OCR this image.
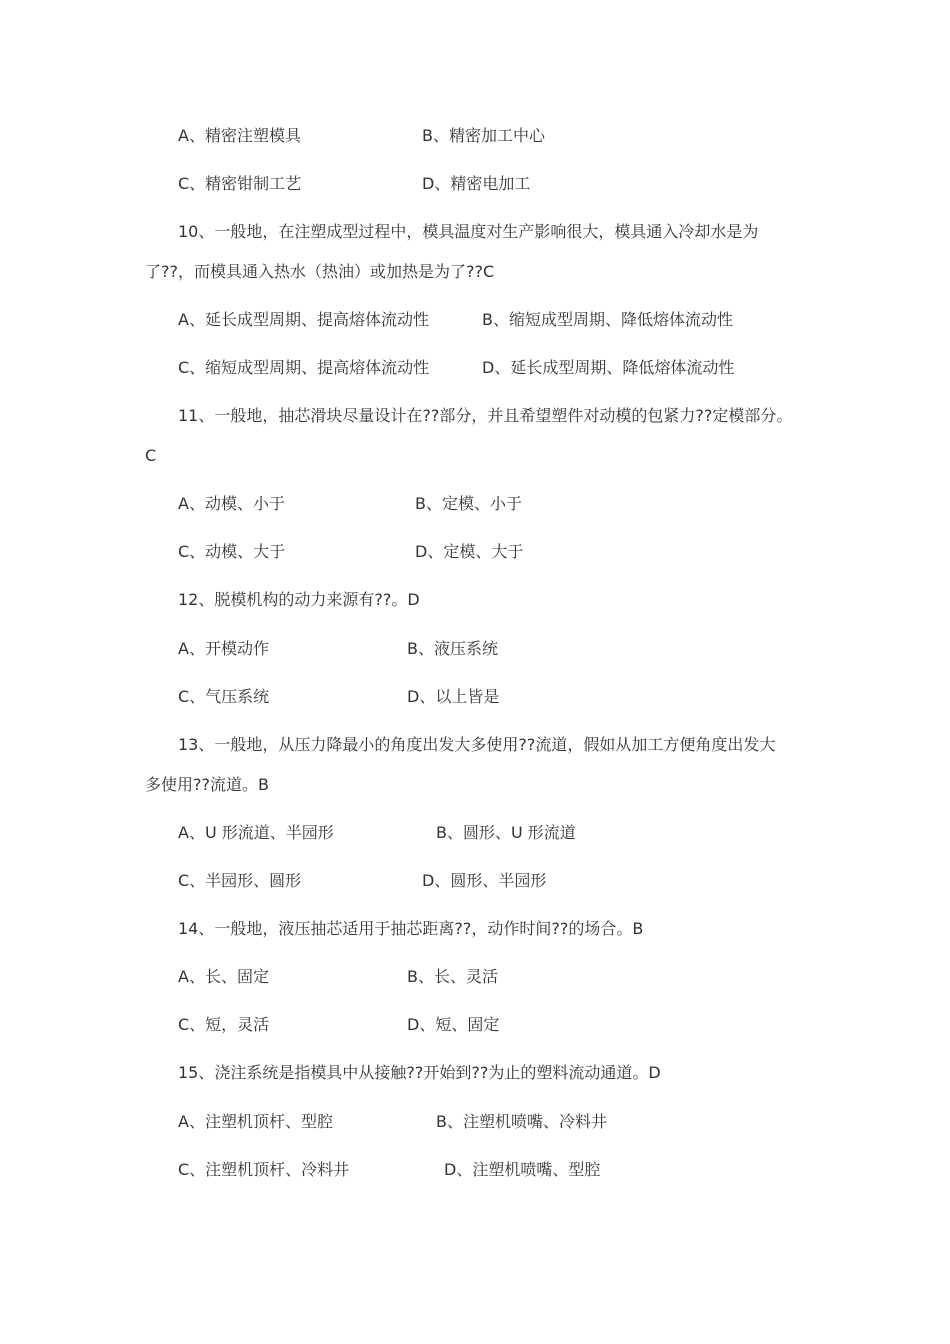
A、精密注塑模具	B、精密加工中心
C、精密钳制工艺	D、精密电加工
10、一般地，在注塑成型过程中，模具温度对生产影响很大，模具通入冷却水是为
了??，而模具通入热水（热油）或加热是为了??C
A、延长成型周期、提高熔体流动性	B、缩短成型周期、降低熔体流动性
C、缩短成型周期、提高熔体流动性	D、延长成型周期、降低熔体流动性
11、一般地，抽芯滑块尽量设计在??部分，并且希望塑件对动模的包紧力??定模部分。
C
A、动模、小于	B、定模、小于
C、动模、大于	D、定模、大于
12、脱模机构的动力来源有??。D
A、开模动作	B、液压系统
C、气压系统	D、以上皆是
13、一般地，从压力降最小的角度出发大多使用??流道，假如从加工方便角度出发大
多使用??流道。B
A、U 形流道、半园形	B、圆形、U 形流道
C、半园形、圆形	D、圆形、半园形
14、一般地，液压抽芯适用于抽芯距离??，动作时间??的场合。B
A、长、固定	B、长、灵活
C、短，灵活	D、短、固定
15、浇注系统是指模具中从接触??开始到??为止的塑料流动通道。D
A、注塑机顶杆、型腔	B、注塑机喷嘴、冷料井
C、注塑机顶杆、冷料井	D、注塑机喷嘴、型腔
